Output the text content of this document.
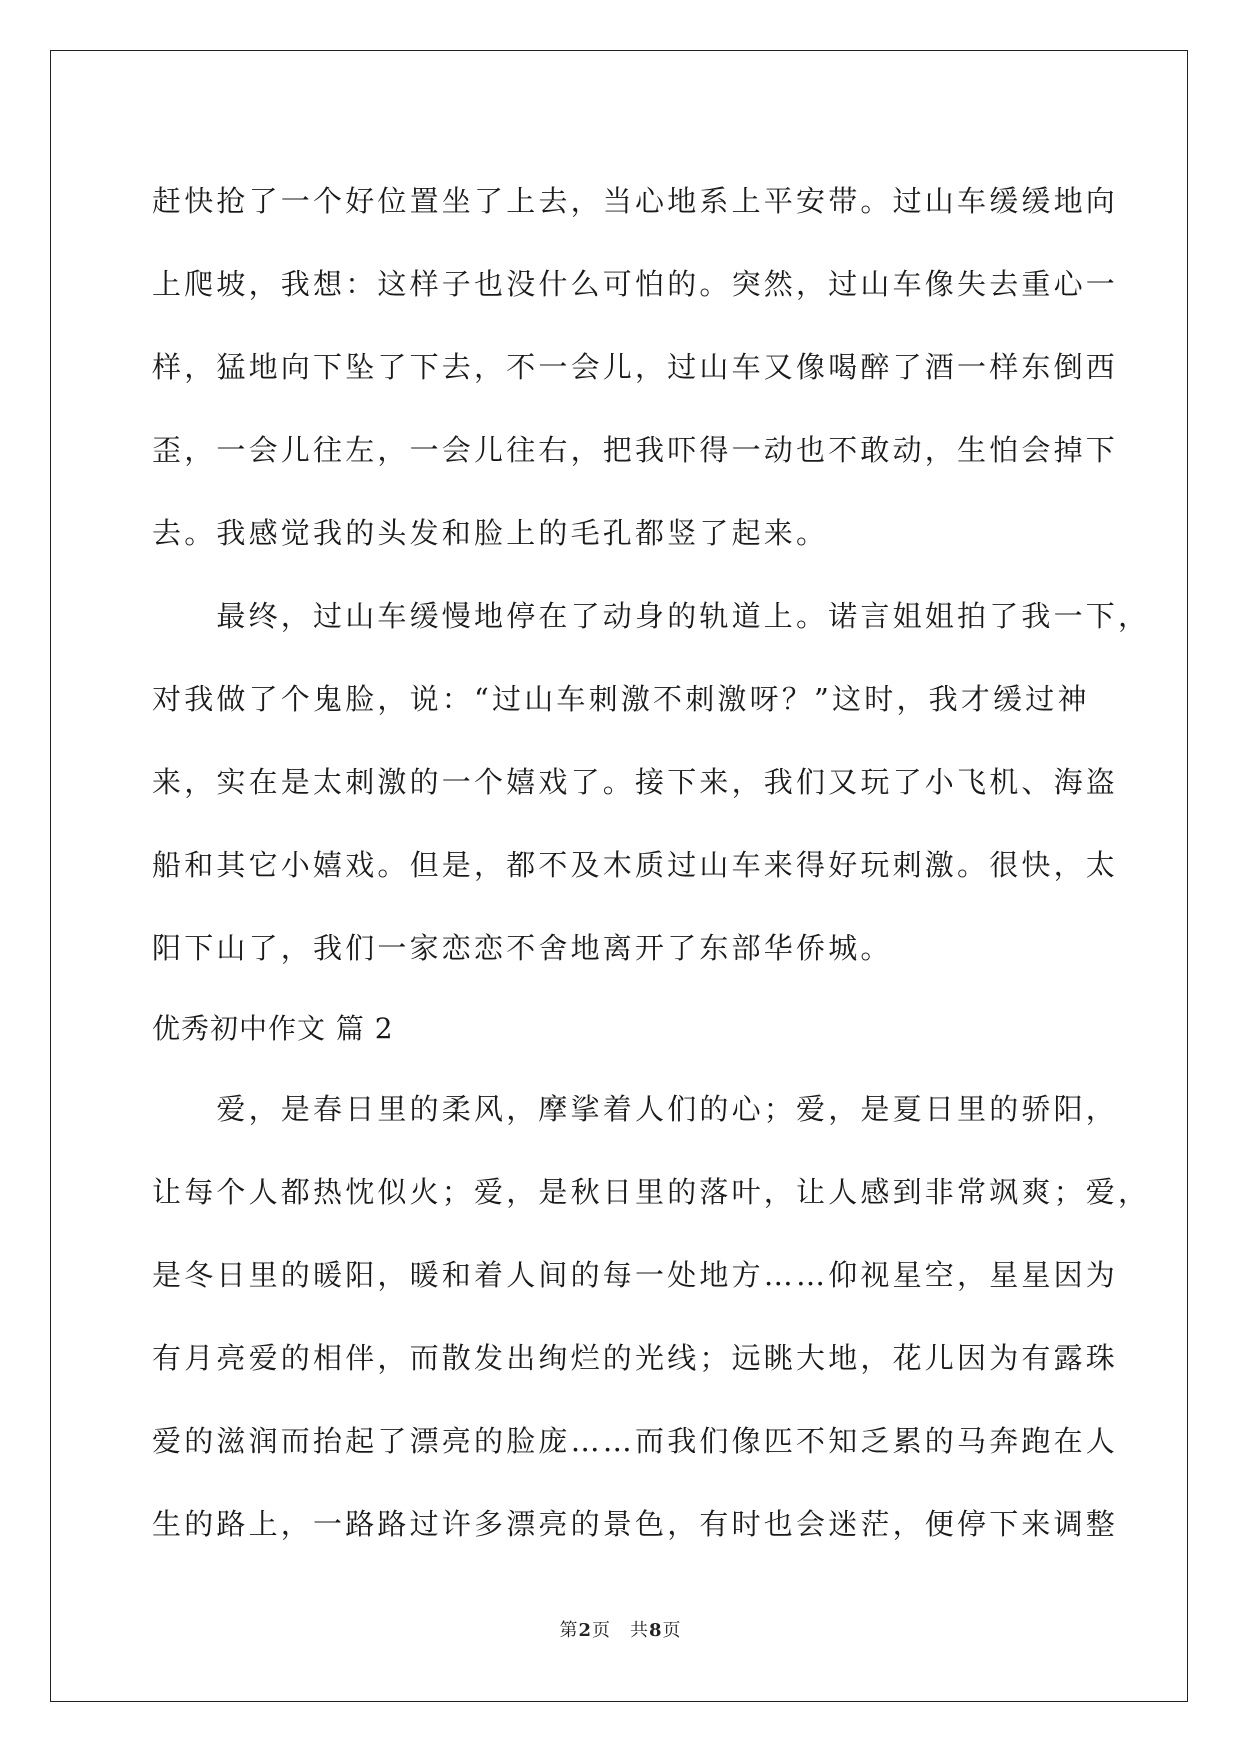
赶快抢了一个好位置坐了上去，当心地系上平安带。过山车缓缓地向
上爬坡，我想：这样子也没什么可怕的。突然，过山车像失去重心一
样，猛地向下坠了下去，不一会儿，过山车又像喝醉了酒一样东倒西
歪，一会儿往左，一会儿往右，把我吓得一动也不敢动，生怕会掉下
去。我感觉我的头发和脸上的毛孔都竖了起来。

　　最终，过山车缓慢地停在了动身的轨道上。诺言姐姐拍了我一下，
对我做了个鬼脸，说：“过山车刺激不刺激呀？”这时，我才缓过神
来，实在是太刺激的一个嬉戏了。接下来，我们又玩了小飞机、海盗
船和其它小嬉戏。但是，都不及木质过山车来得好玩刺激。很快，太
阳下山了，我们一家恋恋不舍地离开了东部华侨城。

优秀初中作文 篇 2

　　爱，是春日里的柔风，摩挲着人们的心；爱，是夏日里的骄阳，
让每个人都热忱似火；爱，是秋日里的落叶，让人感到非常飒爽；爱，
是冬日里的暖阳，暖和着人间的每一处地方……仰视星空，星星因为
有月亮爱的相伴，而散发出绚烂的光线；远眺大地，花儿因为有露珠
爱的滋润而抬起了漂亮的脸庞……而我们像匹不知乏累的马奔跑在人
生的路上，一路路过许多漂亮的景色，有时也会迷茫，便停下来调整

第2页　共8页
